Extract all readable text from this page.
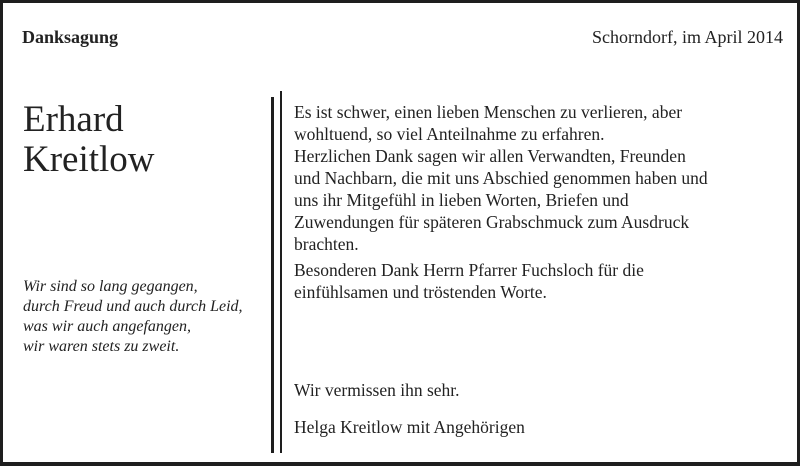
Danksagung	Schorndorf, im April 2014
Erhard
Kreitlow
Wir sind so lang gegangen,
durch Freud und auch durch Leid,
was wir auch angefangen,
wir waren stets zu zweit.

Es ist schwer, einen lieben Menschen zu verlieren, aber
wohltuend, so viel Anteilnahme zu erfahren.

Herzlichen Dank sagen wir allen Verwandten, Freunden
und Nachbarn, die mit uns Abschied genommen haben und
uns ihr Mitgefühl in lieben Worten, Briefen und
Zuwendungen für späteren Grabschmuck zum Ausdruck
brachten.

Besonderen Dank Herrn Pfarrer Fuchsloch für die
einfühlsamen und tröstenden Worte.

Wir vermissen ihn sehr.
Helga Kreitlow mit Angehörigen
